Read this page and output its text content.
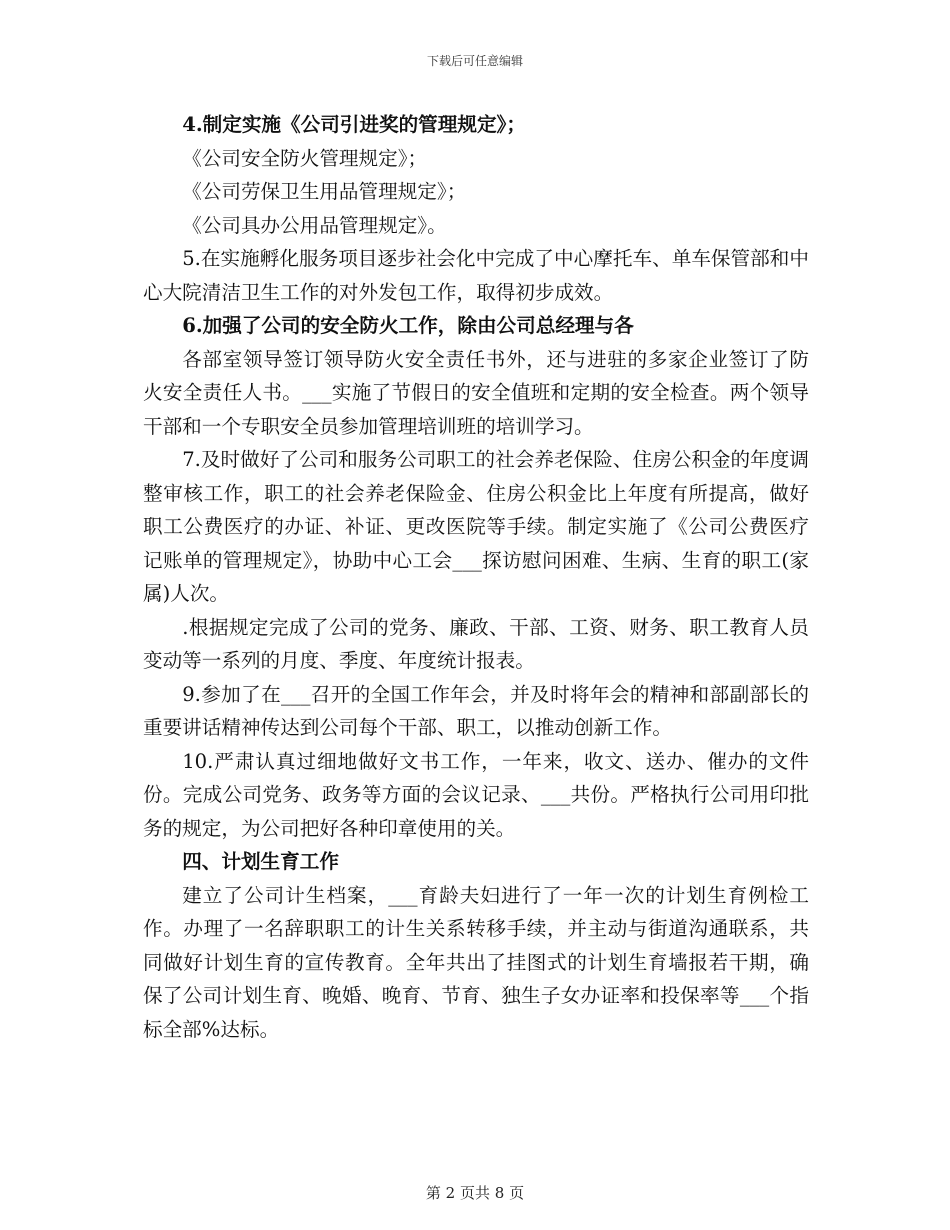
下载后可任意编辑

4.制定实施《公司引进奖的管理规定》；

《公司安全防火管理规定》；

《公司劳保卫生用品管理规定》；

《公司具办公用品管理规定》。

5.在实施孵化服务项目逐步社会化中完成了中心摩托车、单车保管部和中心大院清洁卫生工作的对外发包工作，取得初步成效。

6.加强了公司的安全防火工作，除由公司总经理与各

各部室领导签订领导防火安全责任书外，还与进驻的多家企业签订了防火安全责任人书。___实施了节假日的安全值班和定期的安全检查。两个领导干部和一个专职安全员参加管理培训班的培训学习。

7.及时做好了公司和服务公司职工的社会养老保险、住房公积金的年度调整审核工作，职工的社会养老保险金、住房公积金比上年度有所提高，做好职工公费医疗的办证、补证、更改医院等手续。制定实施了《公司公费医疗记账单的管理规定》，协助中心工会___探访慰问困难、生病、生育的职工(家属)人次。

.根据规定完成了公司的党务、廉政、干部、工资、财务、职工教育人员变动等一系列的月度、季度、年度统计报表。

9.参加了在___召开的全国工作年会，并及时将年会的精神和部副部长的重要讲话精神传达到公司每个干部、职工，以推动创新工作。

10.严肃认真过细地做好文书工作，一年来，收文、送办、催办的文件份。完成公司党务、政务等方面的会议记录、___共份。严格执行公司用印批务的规定，为公司把好各种印章使用的关。

四、计划生育工作

建立了公司计生档案，___育龄夫妇进行了一年一次的计划生育例检工作。办理了一名辞职职工的计生关系转移手续，并主动与街道沟通联系，共同做好计划生育的宣传教育。全年共出了挂图式的计划生育墙报若干期，确保了公司计划生育、晚婚、晚育、节育、独生子女办证率和投保率等___个指标全部%达标。

第 2 页共 8 页
